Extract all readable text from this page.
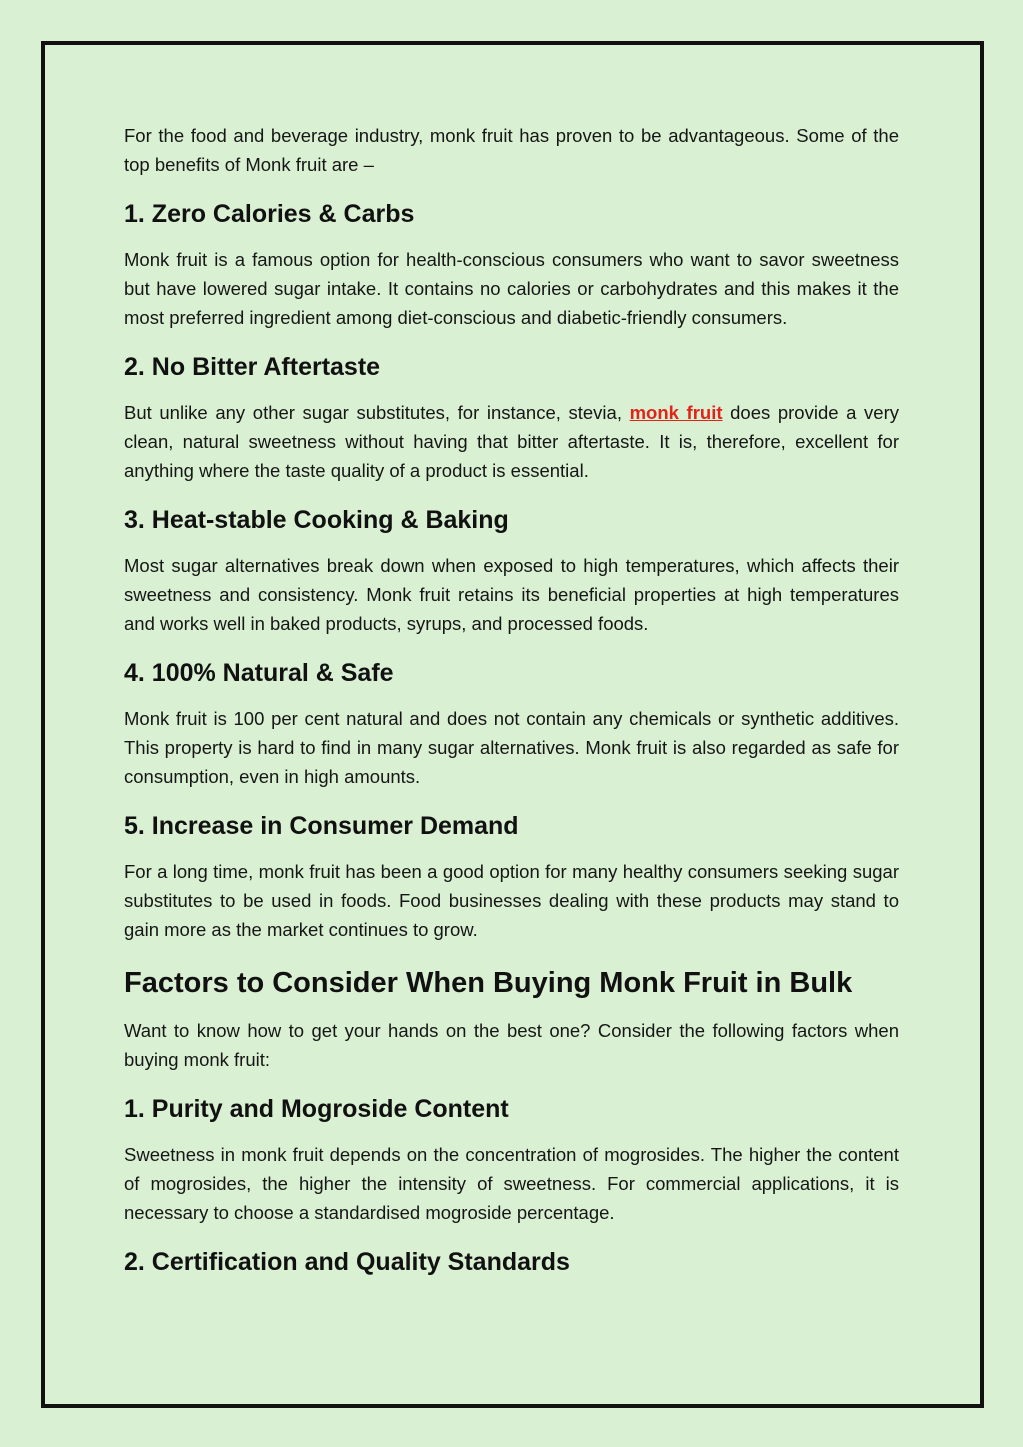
For the food and beverage industry, monk fruit has proven to be advantageous. Some of the top benefits of Monk fruit are –

1. Zero Calories & Carbs

Monk fruit is a famous option for health-conscious consumers who want to savor sweetness but have lowered sugar intake. It contains no calories or carbohydrates and this makes it the most preferred ingredient among diet-conscious and diabetic-friendly consumers.

2. No Bitter Aftertaste

But unlike any other sugar substitutes, for instance, stevia, monk fruit does provide a very clean, natural sweetness without having that bitter aftertaste. It is, therefore, excellent for anything where the taste quality of a product is essential.

3. Heat-stable Cooking & Baking

Most sugar alternatives break down when exposed to high temperatures, which affects their sweetness and consistency. Monk fruit retains its beneficial properties at high temperatures and works well in baked products, syrups, and processed foods.

4. 100% Natural & Safe

Monk fruit is 100 per cent natural and does not contain any chemicals or synthetic additives. This property is hard to find in many sugar alternatives. Monk fruit is also regarded as safe for consumption, even in high amounts.

5. Increase in Consumer Demand

For a long time, monk fruit has been a good option for many healthy consumers seeking sugar substitutes to be used in foods. Food businesses dealing with these products may stand to gain more as the market continues to grow.

Factors to Consider When Buying Monk Fruit in Bulk

Want to know how to get your hands on the best one? Consider the following factors when buying monk fruit:

1. Purity and Mogroside Content

Sweetness in monk fruit depends on the concentration of mogrosides. The higher the content of mogrosides, the higher the intensity of sweetness. For commercial applications, it is necessary to choose a standardised mogroside percentage.

2. Certification and Quality Standards
